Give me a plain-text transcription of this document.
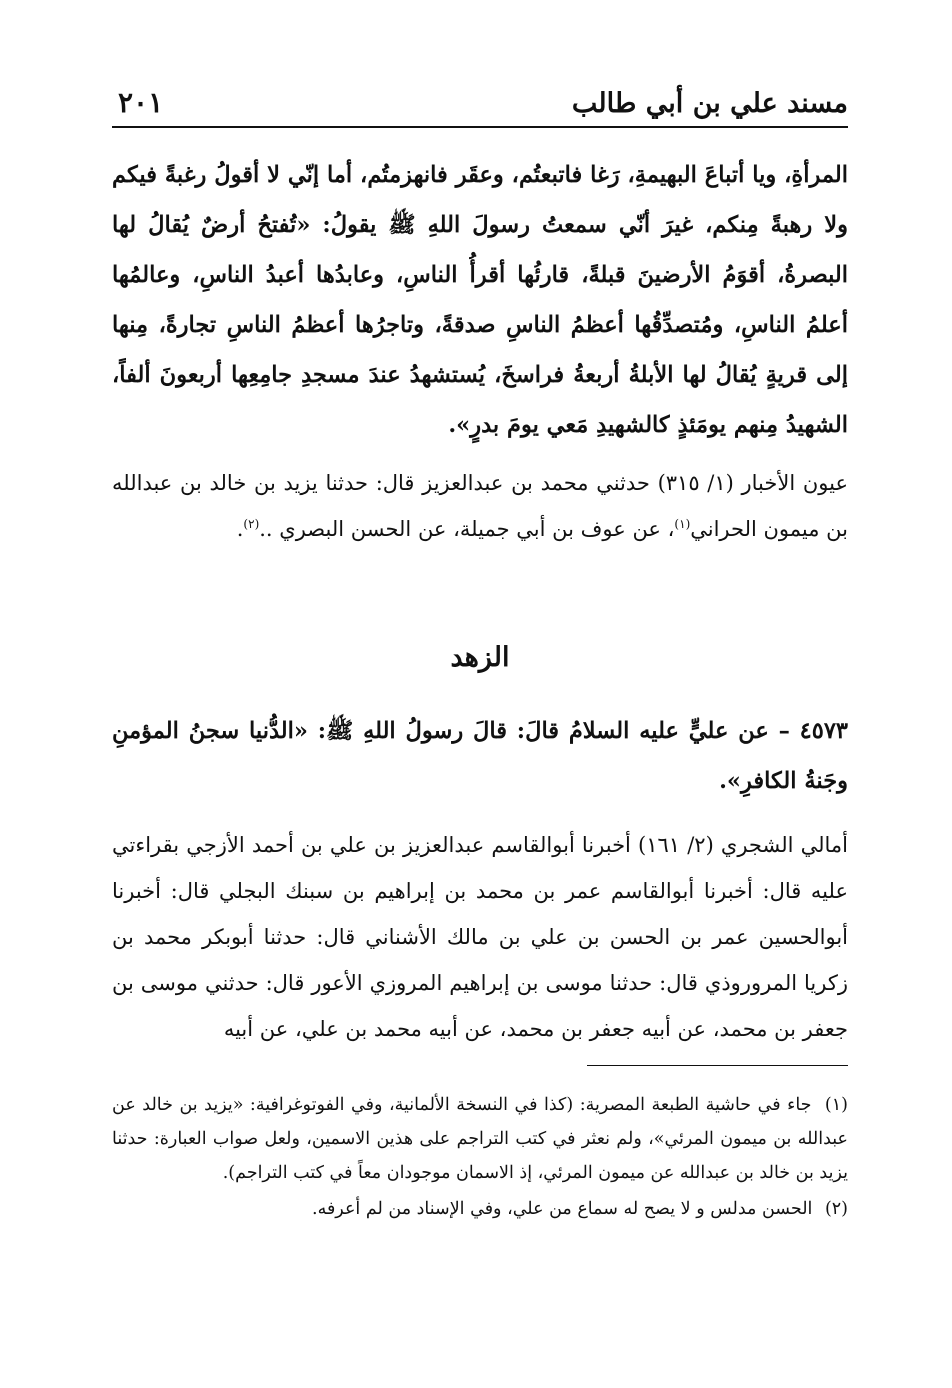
مسند علي بن أبي طالب
٢٠١
المرأةِ، ويا أتباعَ البهيمةِ، رَغا فاتبعتُم، وعقَر فانهزمتُم، أما إنّي لا أقولُ رغبةً فيكم ولا رهبةً مِنكم، غيرَ أنّي سمعتُ رسولَ اللهِ ﷺ يقولُ: «تُفتحُ أرضٌ يُقالُ لها البصرةُ، أقوَمُ الأرضينَ قبلةً، قارئُها أقرأُ الناسِ، وعابدُها أعبدُ الناسِ، وعالمُها أعلمُ الناسِ، ومُتصدِّقُها أعظمُ الناسِ صدقةً، وتاجرُها أعظمُ الناسِ تجارةً، مِنها إلى قريةٍ يُقالُ لها الأبلةُ أربعةُ فراسخَ، يُستشهدُ عندَ مسجدِ جامِعِها أربعونَ ألفاً، الشهيدُ مِنهم يومَئذٍ كالشهيدِ مَعي يومَ بدرٍ».
عيون الأخبار (١/ ٣١٥) حدثني محمد بن عبدالعزيز قال: حدثنا يزيد بن خالد بن عبدالله بن ميمون الحراني$^{(١)}$، عن عوف بن أبي جميلة، عن الحسن البصري ..$^{(٢)}$.
الزهد
٤٥٧٣ – عن عليٍّ عليه السلامُ قالَ: قالَ رسولُ اللهِ ﷺ: «الدُّنيا سجنُ المؤمنِ وجَنةُ الكافرِ».
أمالي الشجري (٢/ ١٦١) أخبرنا أبوالقاسم عبدالعزيز بن علي بن أحمد الأزجي بقراءتي عليه قال: أخبرنا أبوالقاسم عمر بن محمد بن إبراهيم بن سبنك البجلي قال: أخبرنا أبوالحسين عمر بن الحسن بن علي بن مالك الأشناني قال: حدثنا أبوبكر محمد بن زكريا المروروذي قال: حدثنا موسى بن إبراهيم المروزي الأعور قال: حدثني موسى بن جعفر بن محمد، عن أبيه جعفر بن محمد، عن أبيه محمد بن علي، عن أبيه
(١) جاء في حاشية الطبعة المصرية: (كذا في النسخة الألمانية، وفي الفوتوغرافية: «يزيد بن خالد عن عبدالله بن ميمون المرئي»، ولم نعثر في كتب التراجم على هذين الاسمين، ولعل صواب العبارة: حدثنا يزيد بن خالد بن عبدالله عن ميمون المرئي، إذ الاسمان موجودان معاً في كتب التراجم).
(٢) الحسن مدلس و لا يصح له سماع من علي، وفي الإسناد من لم أعرفه.
